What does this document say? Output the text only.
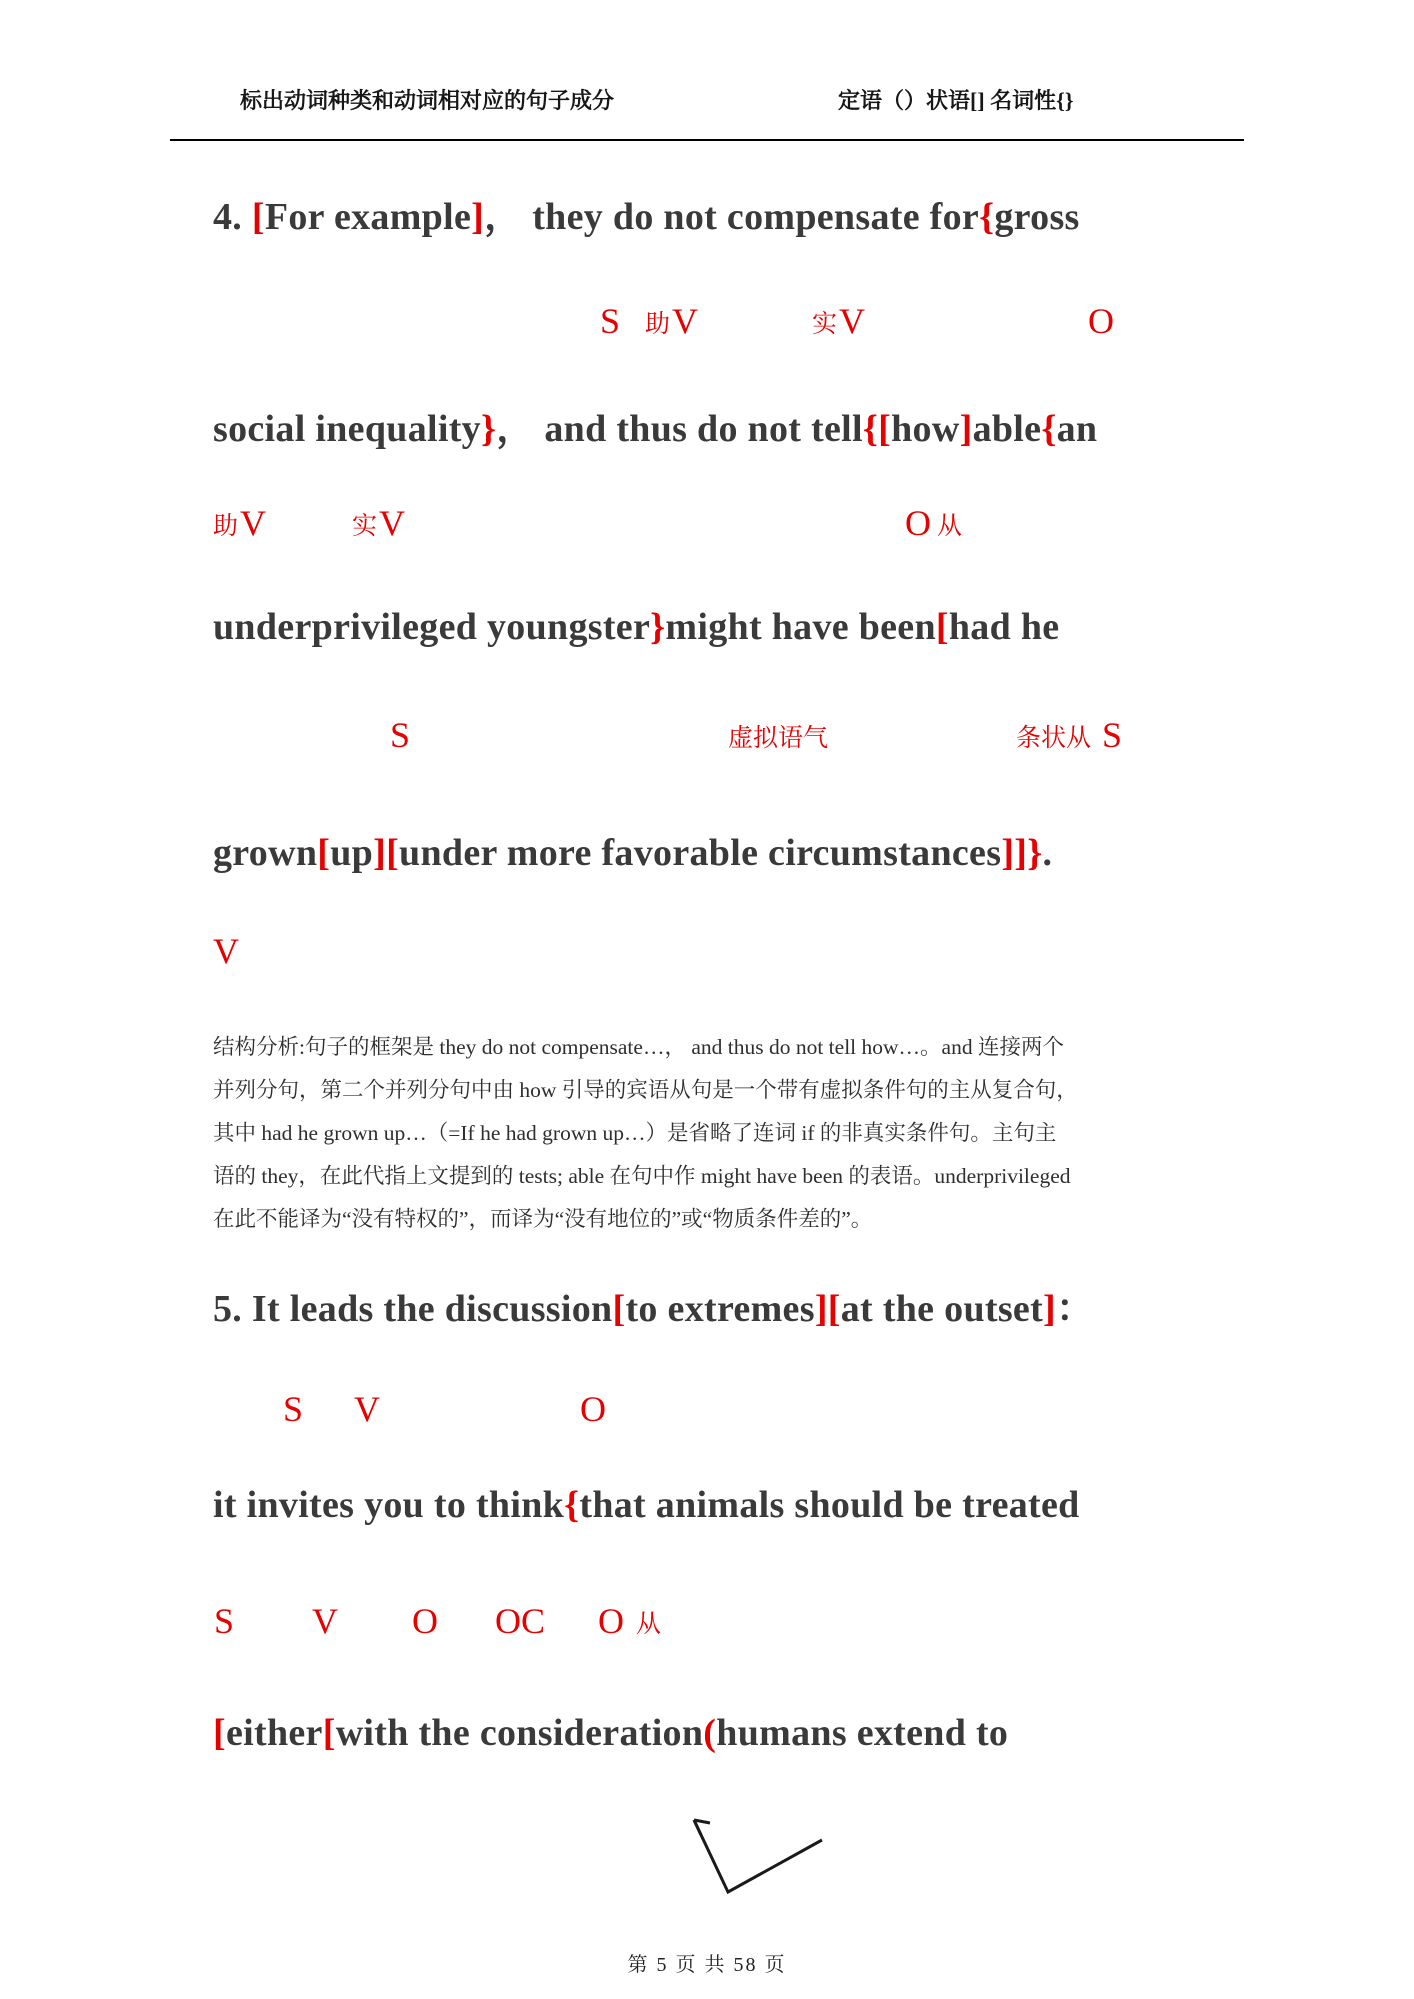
标出动词种类和动词相对应的句子成分	定语（）状语[] 名词性{}
4. [For example]， they do not compensate for{gross
S 助 V	实 V	O
social inequality}， and thus do not tell{[how]able{an
助 V	实 V	O 从
underprivileged youngster}might have been[had he
S	虚拟语气	条状从 S
grown[up][under more favorable circumstances]]}.
V
结构分析:句子的框架是 they do not compensate…， and thus do not tell how…。and 连接两个
并列分句，第二个并列分句中由 how 引导的宾语从句是一个带有虚拟条件句的主从复合句，
其中 had he grown up…（=If he had grown up…）是省略了连词 if 的非真实条件句。主句主
语的 they，在此代指上文提到的 tests; able 在句中作 might have been 的表语。underprivileged
在此不能译为“没有特权的”，而译为“没有地位的”或“物质条件差的”。
5. It leads the discussion[to extremes][at the outset]：
S V	O
it invites you to think{that animals should be treated
S V O OC O 从
[either[with the consideration(humans extend to
第 5 页 共 58 页
